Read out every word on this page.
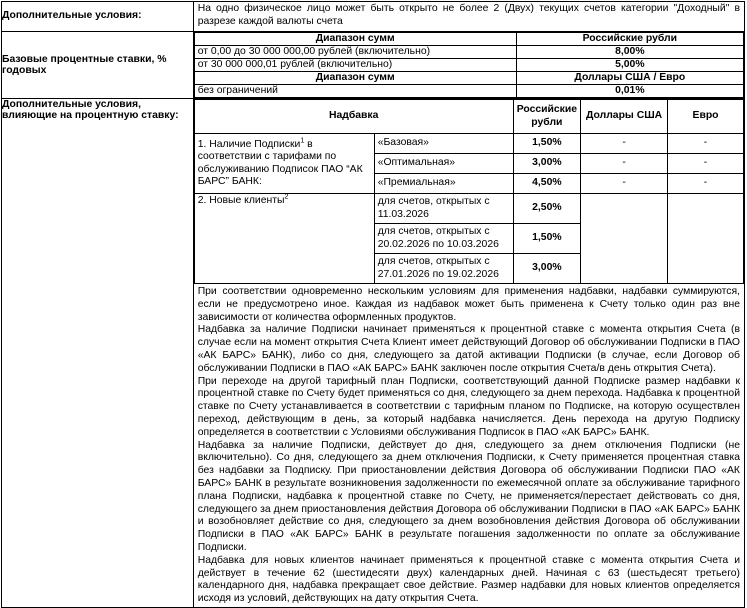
Дополнительные условия:	На одно физическое лицо может быть открыто не более 2 (Двух) текущих счетов категории "Доходный" в разрезе каждой валюты счета
Базовые процентные ставки, % годовых	
Диапазон сумм	Российские рубли
от 0,00 до 30 000 000,00 рублей (включительно)	8,00%
от 30 000 000,01 рублей (включительно)	5,00%
Диапазон сумм	Доллары США / Евро
без ограничений	0,01%

Дополнительные условия, влияющие на процентную ставку:		Надбавка	Российские рубли	Доллары США	Евро
1. Наличие Подписки$^1$ в соответствии с тарифами по обслуживанию Подписок ПАО “АК БАРС” БАНК:	«Базовая»	1,50%	-	-
«Оптимальная»	3,00%	-	-
«Премиальная»	4,50%	-	-
2. Новые клиенты$^2$	для счетов, открытых с 11.03.2026	2,50%		
для счетов, открытых с 20.02.2026 по 10.03.2026	1,50%
для счетов, открытых с 27.01.2026 по 19.02.2026	3,00%

При соответствии одновременно нескольким условиям для применения надбавки, надбавки суммируются, если не предусмотрено иное. Каждая из надбавок может быть применена к Счету только один раз вне зависимости от количества оформленных продуктов.

Надбавка за наличие Подписки начинает применяться к процентной ставке с момента открытия Счета (в случае если на момент открытия Счета Клиент имеет действующий Договор об обслуживании Подписки в ПАО «АК БАРС» БАНК), либо со дня, следующего за датой активации Подписки (в случае, если Договор об обслуживании Подписки в ПАО «АК БАРС» БАНК заключен после открытия Счета/в день открытия Счета).

При переходе на другой тарифный план Подписки, соответствующий данной Подписке размер надбавки к процентной ставке по Счету будет применяться со дня, следующего за днем перехода. Надбавка к процентной ставке по Счету устанавливается в соответствии с тарифным планом по Подписке, на которую осуществлен переход, действующим в день, за который надбавка начисляется. День перехода на другую Подписку определяется в соответствии с Условиями обслуживания Подписок в ПАО «АК БАРС» БАНК.

Надбавка за наличие Подписки, действует до дня, следующего за днем отключения Подписки (не включительно). Со дня, следующего за днем отключения Подписки, к Счету применяется процентная ставка без надбавки за Подписку. При приостановлении действия Договора об обслуживании Подписки ПАО «АК БАРС» БАНК в результате возникновения задолженности по ежемесячной оплате за обслуживание тарифного плана Подписки, надбавка к процентной ставке по Счету, не применяется/перестает действовать со дня, следующего за днем приостановления действия Договора об обслуживании Подписки в ПАО «АК БАРС» БАНК и возобновляет действие со дня, следующего за днем возобновления действия Договора об обслуживании Подписки в ПАО «АК БАРС» БАНК в результате погашения задолженности по оплате за обслуживание Подписки.

Надбавка для новых клиентов начинает применяться к процентной ставке с момента открытия Счета и действует в течение 62 (шестидесяти двух) календарных дней. Начиная с 63 (шестьдесят третьего) календарного дня, надбавка прекращает свое действие. Размер надбавки для новых клиентов определяется исходя из условий, действующих на дату открытия Счета.
